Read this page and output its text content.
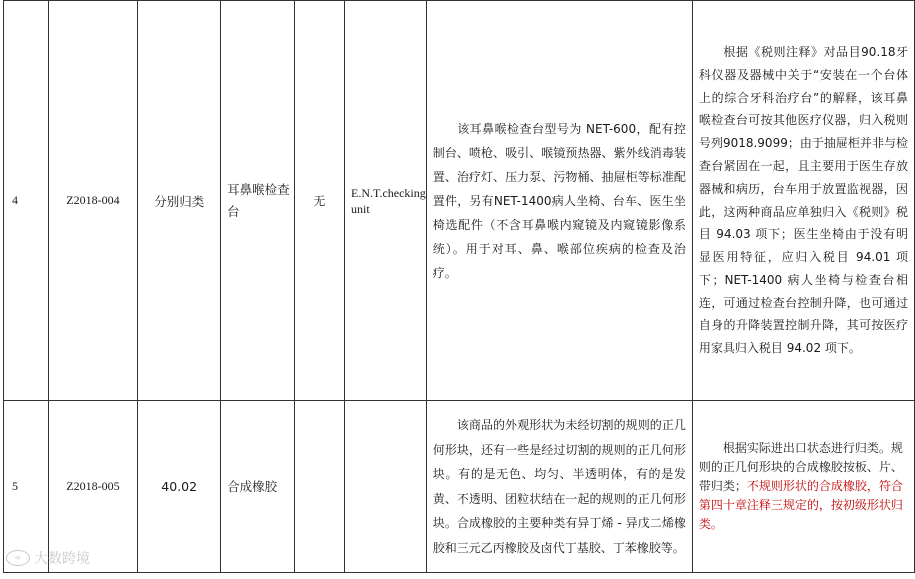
4	Z2018-004	分别归类	耳鼻喉检查台	无	E.N.T.checking unit	该耳鼻喉检查台型号为 NET-600，配有控制台、喷枪、吸引、喉镜预热器、紫外线消毒装置、治疗灯、压力泵、污物桶、抽屉柜等标准配置件，另有NET-1400病人坐椅、台车、医生坐椅选配件（不含耳鼻喉内窥镜及内窥镜影像系统）。用于对耳、鼻、喉部位疾病的检查及治疗。	根据《税则注释》对品目90.18牙科仪器及器械中关于“安装在一个台体上的综合牙科治疗台”的解释，该耳鼻喉检查台可按其他医疗仪器，归入税则号列9018.9099；由于抽屉柜并非与检查台紧固在一起，且主要用于医生存放器械和病历，台车用于放置监视器，因此，这两种商品应单独归入《税则》税目 94.03 项下；医生坐椅由于没有明显医用特征，应归入税目 94.01 项下；NET-1400 病人坐椅与检查台相连，可通过检查台控制升降，也可通过自身的升降装置控制升降，其可按医疗用家具归入税目 94.02 项下。
5	Z2018-005	40.02	合成橡胶			该商品的外观形状为未经切割的规则的正几何形块，还有一些是经过切割的规则的正几何形块。有的是无色、均匀、半透明体，有的是发黄、不透明、团粒状结在一起的规则的正几何形块。合成橡胶的主要种类有异丁烯 - 异戊二烯橡胶和三元乙丙橡胶及卤代丁基胶、丁苯橡胶等。	根据实际进出口状态进行归类。规则的正几何形块的合成橡胶按板、片、带归类；不规则形状的合成橡胶，符合第四十章注释三规定的，按初级形状归类。
∞ 大数跨境
